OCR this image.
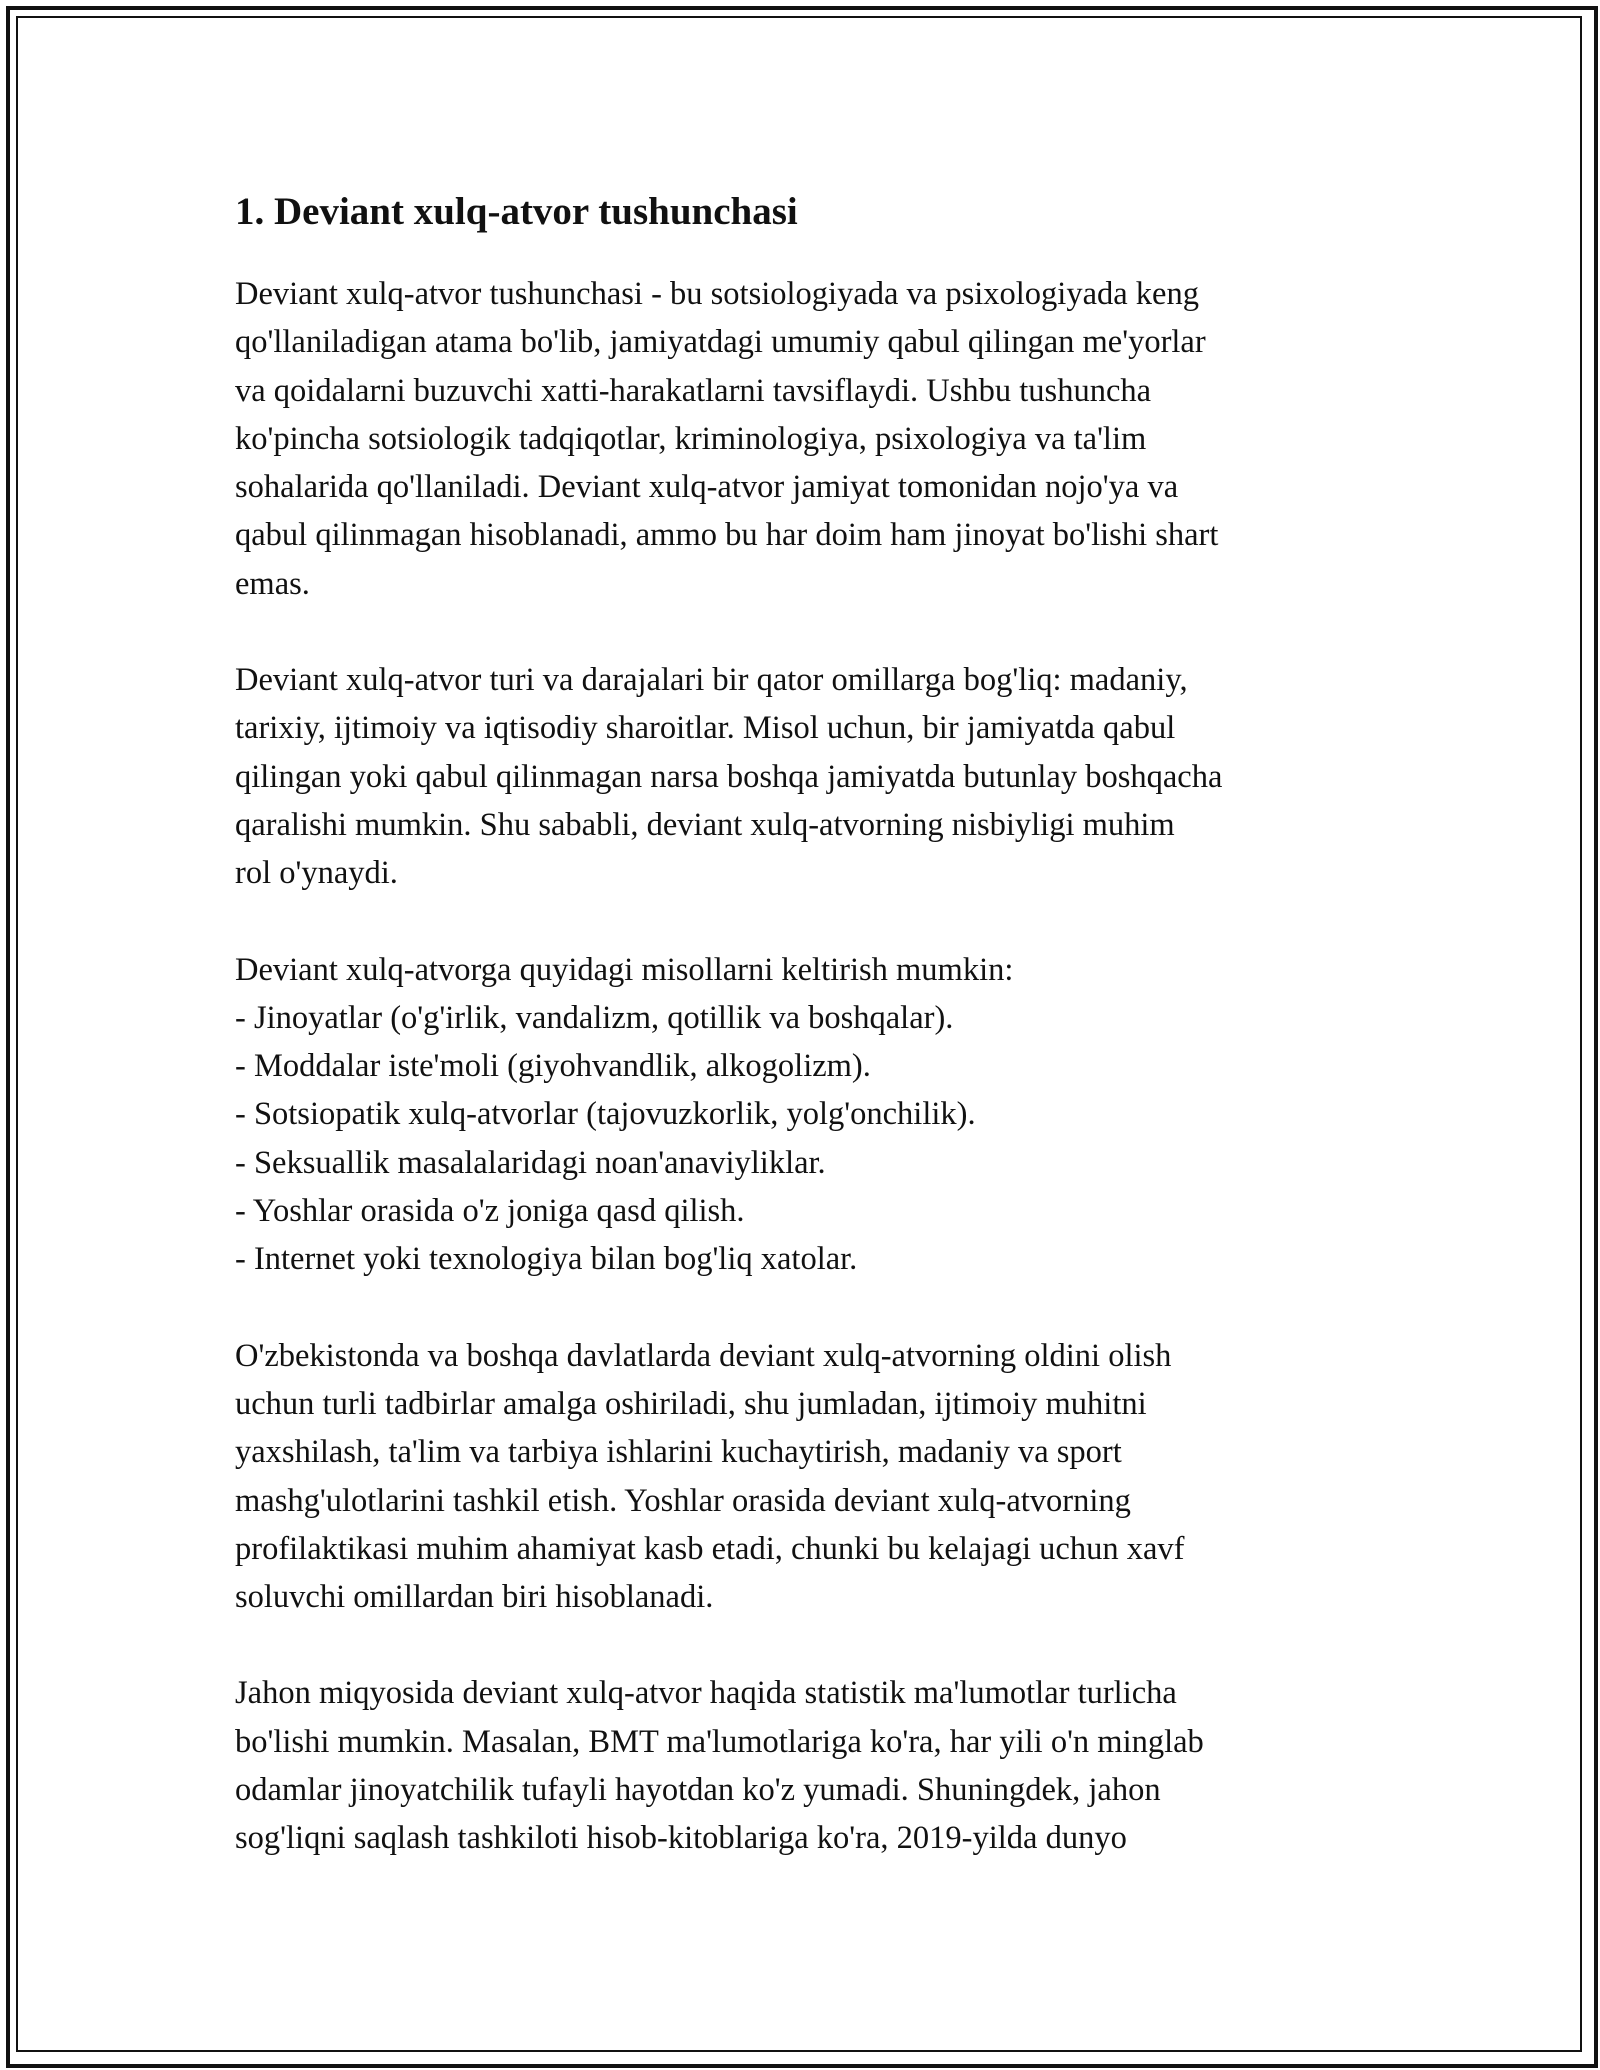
1. Deviant xulq-atvor tushunchasi

Deviant xulq-atvor tushunchasi - bu sotsiologiyada va psixologiyada keng
qo'llaniladigan atama bo'lib, jamiyatdagi umumiy qabul qilingan me'yorlar
va qoidalarni buzuvchi xatti-harakatlarni tavsiflaydi. Ushbu tushuncha
ko'pincha sotsiologik tadqiqotlar, kriminologiya, psixologiya va ta'lim
sohalarida qo'llaniladi. Deviant xulq-atvor jamiyat tomonidan nojo'ya va
qabul qilinmagan hisoblanadi, ammo bu har doim ham jinoyat bo'lishi shart
emas.

Deviant xulq-atvor turi va darajalari bir qator omillarga bog'liq: madaniy,
tarixiy, ijtimoiy va iqtisodiy sharoitlar. Misol uchun, bir jamiyatda qabul
qilingan yoki qabul qilinmagan narsa boshqa jamiyatda butunlay boshqacha
qaralishi mumkin. Shu sababli, deviant xulq-atvorning nisbiyligi muhim
rol o'ynaydi.

Deviant xulq-atvorga quyidagi misollarni keltirish mumkin:
- Jinoyatlar (o'g'irlik, vandalizm, qotillik va boshqalar).
- Moddalar iste'moli (giyohvandlik, alkogolizm).
- Sotsiopatik xulq-atvorlar (tajovuzkorlik, yolg'onchilik).
- Seksuallik masalalaridagi noan'anaviyliklar.
- Yoshlar orasida o'z joniga qasd qilish.
- Internet yoki texnologiya bilan bog'liq xatolar.

O'zbekistonda va boshqa davlatlarda deviant xulq-atvorning oldini olish
uchun turli tadbirlar amalga oshiriladi, shu jumladan, ijtimoiy muhitni
yaxshilash, ta'lim va tarbiya ishlarini kuchaytirish, madaniy va sport
mashg'ulotlarini tashkil etish. Yoshlar orasida deviant xulq-atvorning
profilaktikasi muhim ahamiyat kasb etadi, chunki bu kelajagi uchun xavf
soluvchi omillardan biri hisoblanadi.

Jahon miqyosida deviant xulq-atvor haqida statistik ma'lumotlar turlicha
bo'lishi mumkin. Masalan, BMT ma'lumotlariga ko'ra, har yili o'n minglab
odamlar jinoyatchilik tufayli hayotdan ko'z yumadi. Shuningdek, jahon
sog'liqni saqlash tashkiloti hisob-kitoblariga ko'ra, 2019-yilda dunyo
